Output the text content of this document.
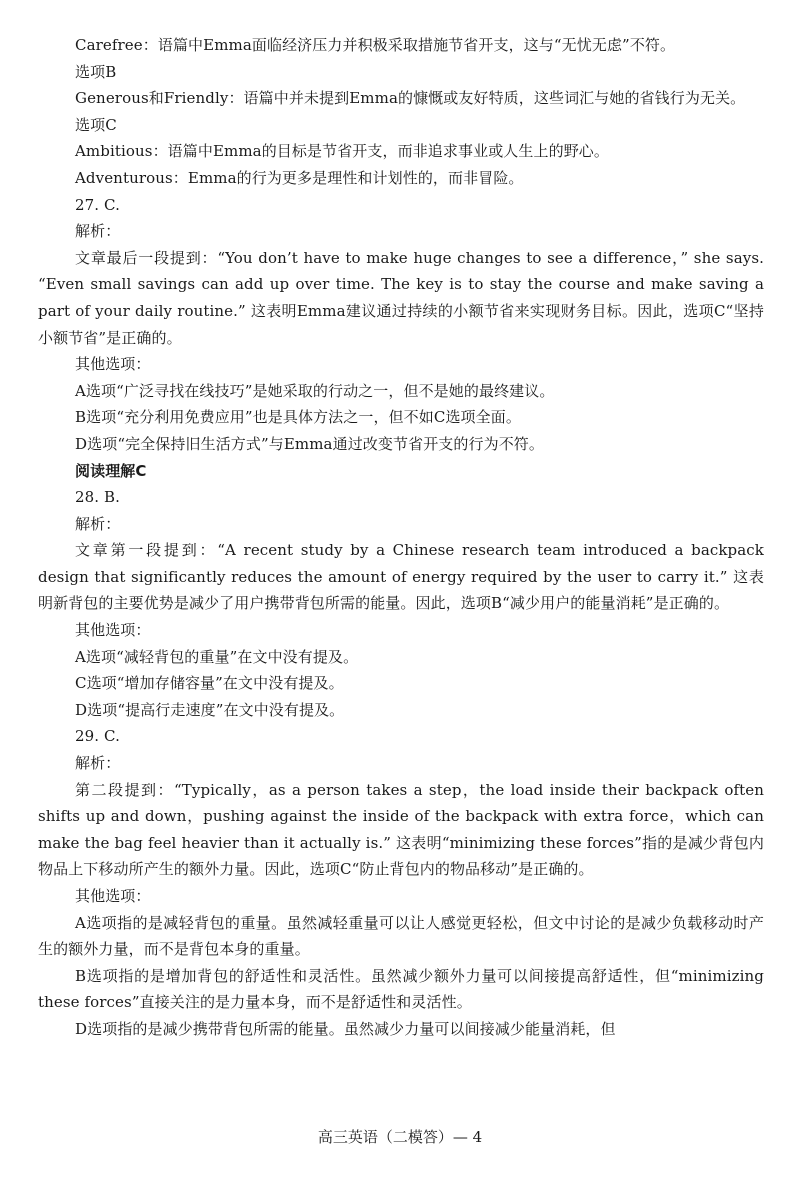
Carefree：语篇中Emma面临经济压力并积极采取措施节省开支，这与“无忧无虑”不符。

选项B

Generous和Friendly：语篇中并未提到Emma的慷慨或友好特质，这些词汇与她的省钱行为无关。

选项C

Ambitious：语篇中Emma的目标是节省开支，而非追求事业或人生上的野心。

Adventurous：Emma的行为更多是理性和计划性的，而非冒险。

27. C.

解析：

文章最后一段提到：“You don’t have to make huge changes to see a difference，” she says. “Even small savings can add up over time. The key is to stay the course and make saving a part of your daily routine.” 这表明Emma建议通过持续的小额节省来实现财务目标。因此，选项C“坚持小额节省”是正确的。

其他选项：

A选项“广泛寻找在线技巧”是她采取的行动之一，但不是她的最终建议。

B选项“充分利用免费应用”也是具体方法之一，但不如C选项全面。

D选项“完全保持旧生活方式”与Emma通过改变节省开支的行为不符。

阅读理解C

28. B.

解析：

文章第一段提到：“A recent study by a Chinese research team introduced a backpack design that significantly reduces the amount of energy required by the user to carry it.” 这表明新背包的主要优势是减少了用户携带背包所需的能量。因此，选项B“减少用户的能量消耗”是正确的。

其他选项：

A选项“减轻背包的重量”在文中没有提及。

C选项“增加存储容量”在文中没有提及。

D选项“提高行走速度”在文中没有提及。

29. C.

解析：

第二段提到：“Typically，as a person takes a step，the load inside their backpack often shifts up and down，pushing against the inside of the backpack with extra force，which can make the bag feel heavier than it actually is.” 这表明“minimizing these forces”指的是减少背包内物品上下移动所产生的额外力量。因此，选项C“防止背包内的物品移动”是正确的。

其他选项：

A选项指的是减轻背包的重量。虽然减轻重量可以让人感觉更轻松，但文中讨论的是减少负载移动时产生的额外力量，而不是背包本身的重量。

B选项指的是增加背包的舒适性和灵活性。虽然减少额外力量可以间接提高舒适性，但“minimizing these forces”直接关注的是力量本身，而不是舒适性和灵活性。

D选项指的是减少携带背包所需的能量。虽然减少力量可以间接减少能量消耗，但

高三英语（二模答）— 4
